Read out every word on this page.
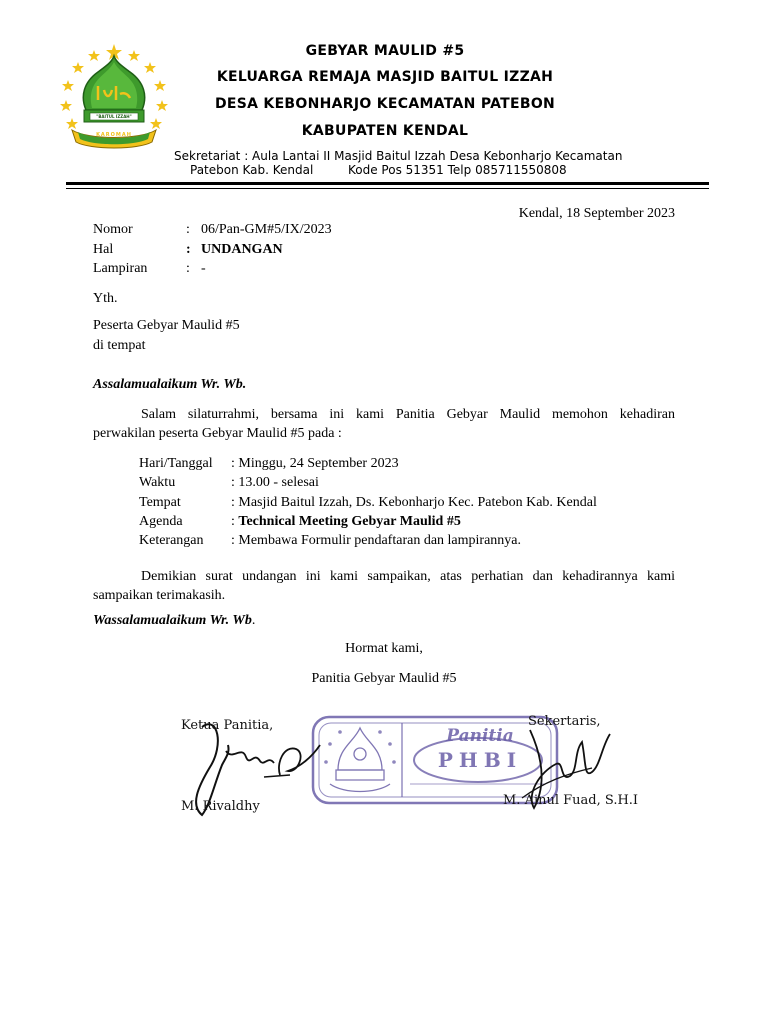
"BAITUL IZZAH"
KAROMAH
GEBYAR MAULID #5
KELUARGA REMAJA MASJID BAITUL IZZAH
DESA KEBONHARJO KECAMATAN PATEBON
KABUPATEN KENDAL
Sekretariat : Aula Lantai II Masjid Baitul Izzah Desa Kebonharjo Kecamatan
Patebon Kab. Kendal	Kode Pos 51351 Telp 085711550808
Kendal, 18 September 2023
Nomor	: 06/Pan-GM#5/IX/2023
Hal	: UNDANGAN
Lampiran	: -
Yth.
Peserta Gebyar Maulid #5
di tempat
Assalamualaikum Wr. Wb.
Salam silaturrahmi, bersama ini kami Panitia Gebyar Maulid memohon kehadiran
perwakilan peserta Gebyar Maulid #5 pada :
Hari/Tanggal : Minggu, 24 September 2023
Waktu	: 13.00 - selesai
Tempat	: Masjid Baitul Izzah, Ds. Kebonharjo Kec. Patebon Kab. Kendal
Agenda	: Technical Meeting Gebyar Maulid #5
Keterangan : Membawa Formulir pendaftaran dan lampirannya.
Demikian surat undangan ini kami sampaikan, atas perhatian dan kehadirannya kami
sampaikan terimakasih.
Wassalamualaikum Wr. Wb.
Hormat kami,
Panitia Gebyar Maulid #5
Panitia
PHBI
Ketua Panitia,
M. Rivaldhy
Sekertaris,
M. Ainul Fuad, S.H.I
